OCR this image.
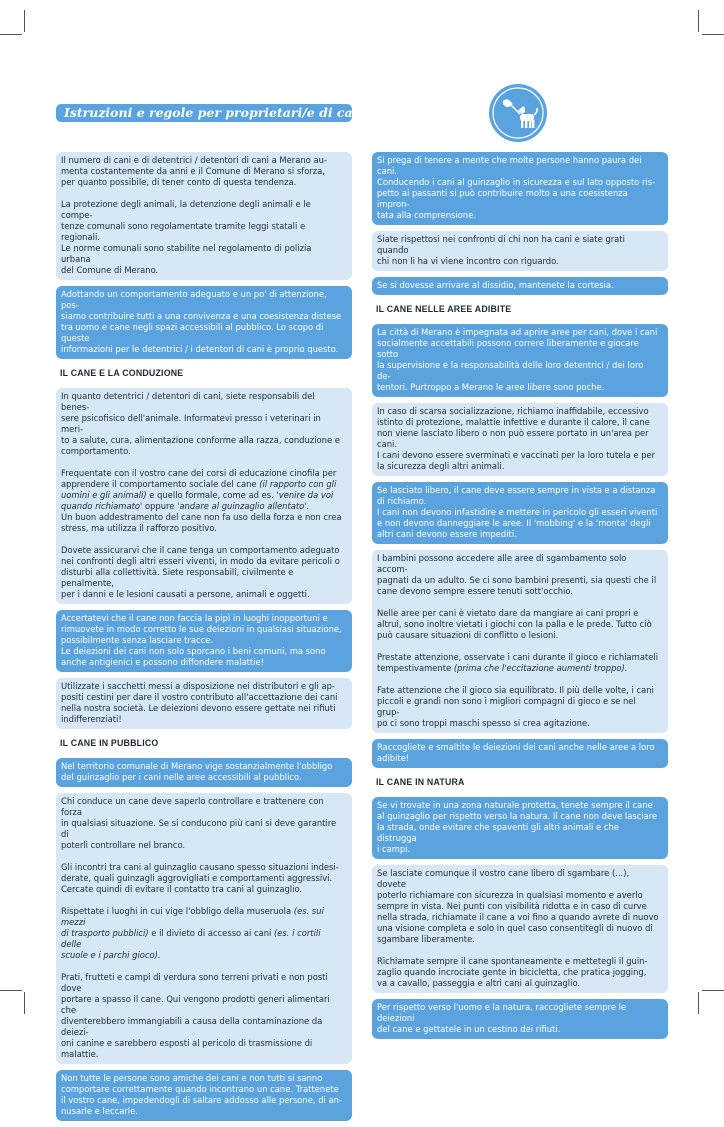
Istruzioni e regole per proprietari/e di cani

Il numero di cani e di detentrici / detentori di cani a Merano au-
menta costantemente da anni e il Comune di Merano si sforza,
per quanto possibile, di tener conto di questa tendenza.

La protezione degli animali, la detenzione degli animali e le compe-
tenze comunali sono regolamentate tramite leggi statali e regionali.
Le norme comunali sono stabilite nel regolamento di polizia urbana
del Comune di Merano.

Adottando un comportamento adeguato e un po' di attenzione, pos-
siamo contribuire tutti a una convivenza e una coesistenza distese
tra uomo e cane negli spazi accessibili al pubblico. Lo scopo di queste
informazioni per le detentrici / i detentori di cani è proprio questo.

IL CANE E LA CONDUZIONE

In quanto detentrici / detentori di cani, siete responsabili del benes-
sere psicofisico dell'animale. Informatevi presso i veterinari in meri-
to a salute, cura, alimentazione conforme alla razza, conduzione e
comportamento.

Frequentate con il vostro cane dei corsi di educazione cinofila per
apprendere il comportamento sociale del cane (il rapporto con gli
uomini e gli animali) e quello formale, come ad es. 'venire da voi
quando richiamato' oppure 'andare al guinzaglio allentato'.
Un buon addestramento del cane non fa uso della forza e non crea
stress, ma utilizza il rafforzo positivo.

Dovete assicurarvi che il cane tenga un comportamento adeguato
nei confronti degli altri esseri viventi, in modo da evitare pericoli o
disturbi alla collettività. Siete responsabili, civilmente e penalmente,
per i danni e le lesioni causati a persone, animali e oggetti.

Accertatevi che il cane non faccia la pipì in luoghi inopportuni e
rimuovete in modo corretto le sue deiezioni in qualsiasi situazione,
possibilmente senza lasciare tracce.
Le deiezioni dei cani non solo sporcano i beni comuni, ma sono
anche antigienici e possono diffondere malattie!

Utilizzate i sacchetti messi a disposizione nei distributori e gli ap-
positi cestini per dare il vostro contributo all'accettazione dei cani
nella nostra società. Le deiezioni devono essere gettate nei rifiuti
indifferenziati!

IL CANE IN PUBBLICO

Nel territorio comunale di Merano vige sostanzialmente l'obbligo
del guinzaglio per i cani nelle aree accessibili al pubblico.

Chi conduce un cane deve saperlo controllare e trattenere con forza
in qualsiasi situazione. Se si conducono più cani si deve garantire di
poterli controllare nel branco.

Gli incontri tra cani al guinzaglio causano spesso situazioni indesi-
derate, quali guinzagli aggrovigliati e comportamenti aggressivi.
Cercate quindi di evitare il contatto tra cani al guinzaglio.

Rispettate i luoghi in cui vige l'obbligo della museruola (es. sui mezzi
di trasporto pubblici) e il divieto di accesso ai cani (es. i cortili delle
scuole e i parchi gioco).

Prati, frutteti e campi di verdura sono terreni privati e non posti dove
portare a spasso il cane. Qui vengono prodotti generi alimentari che
diventerebbero immangiabili a causa della contaminazione da deiezi-
oni canine e sarebbero esposti al pericolo di trasmissione di malattie.

Non tutte le persone sono amiche dei cani e non tutti si sanno
comportare correttamente quando incontrano un cane. Trattenete
il vostro cane, impedendogli di saltare addosso alle persone, di an-
nusarle e leccarle.

Si prega di tenere a mente che molte persone hanno paura dei cani.
Conducendo i cani al guinzaglio in sicurezza e sul lato opposto ris-
petto ai passanti si può contribuire molto a una coesistenza impron-
tata alla comprensione.

Siate rispettosi nei confronti di chi non ha cani e siate grati quando
chi non li ha vi viene incontro con riguardo.

Se si dovesse arrivare al dissidio, mantenete la cortesia.

IL CANE NELLE AREE ADIBITE

La città di Merano è impegnata ad aprire aree per cani, dove i cani
socialmente accettabili possono correre liberamente e giocare sotto
la supervisione e la responsabilità delle loro detentrici / dei loro de-
tentori. Purtroppo a Merano le aree libere sono poche.

In caso di scarsa socializzazione, richiamo inaffidabile, eccessivo
istinto di protezione, malattie infettive e durante il calore, il cane
non viene lasciato libero o non può essere portato in un'area per
cani.
I cani devono essere sverminati e vaccinati per la loro tutela e per
la sicurezza degli altri animali.

Se lasciato libero, il cane deve essere sempre in vista e a distanza
di richiamo.
I cani non devono infastidire e mettere in pericolo gli esseri viventi
e non devono danneggiare le aree. Il 'mobbing' e la 'monta' degli
altri cani devono essere impediti.

I bambini possono accedere alle aree di sgambamento solo accom-
pagnati da un adulto. Se ci sono bambini presenti, sia questi che il
cane devono sempre essere tenuti sott'occhio.

Nelle aree per cani è vietato dare da mangiare ai cani propri e
altrui, sono inoltre vietati i giochi con la palla e le prede. Tutto ciò
può causare situazioni di conflitto o lesioni.

Prestate attenzione, osservate i cani durante il gioco e richiamateli
tempestivamente (prima che l'eccitazione aumenti troppo).

Fate attenzione che il gioco sia equilibrato. Il più delle volte, i cani
piccoli e grandi non sono i migliori compagni di gioco e se nel grup-
po ci sono troppi maschi spesso si crea agitazione.

Raccogliete e smaltite le deiezioni dei cani anche nelle aree a loro
adibite!

IL CANE IN NATURA

Se vi trovate in una zona naturale protetta, tenete sempre il cane
al guinzaglio per rispetto verso la natura. Il cane non deve lasciare
la strada, onde evitare che spaventi gli altri animali e che distrugga
i campi.

Se lasciate comunque il vostro cane libero di sgambare (...), dovete
poterlo richiamare con sicurezza in qualsiasi momento e averlo
sempre in vista. Nei punti con visibilità ridotta e in caso di curve
nella strada, richiamate il cane a voi fino a quando avrete di nuovo
una visione completa e solo in quel caso consentitegli di nuovo di
sgambare liberamente.

Richiamate sempre il cane spontaneamente e mettetegli il guin-
zaglio quando incrociate gente in bicicletta, che pratica jogging,
va a cavallo, passeggia e altri cani al guinzaglio.

Per rispetto verso l'uomo e la natura, raccogliete sempre le deiezioni
del cane e gettatele in un cestino dei rifiuti.
